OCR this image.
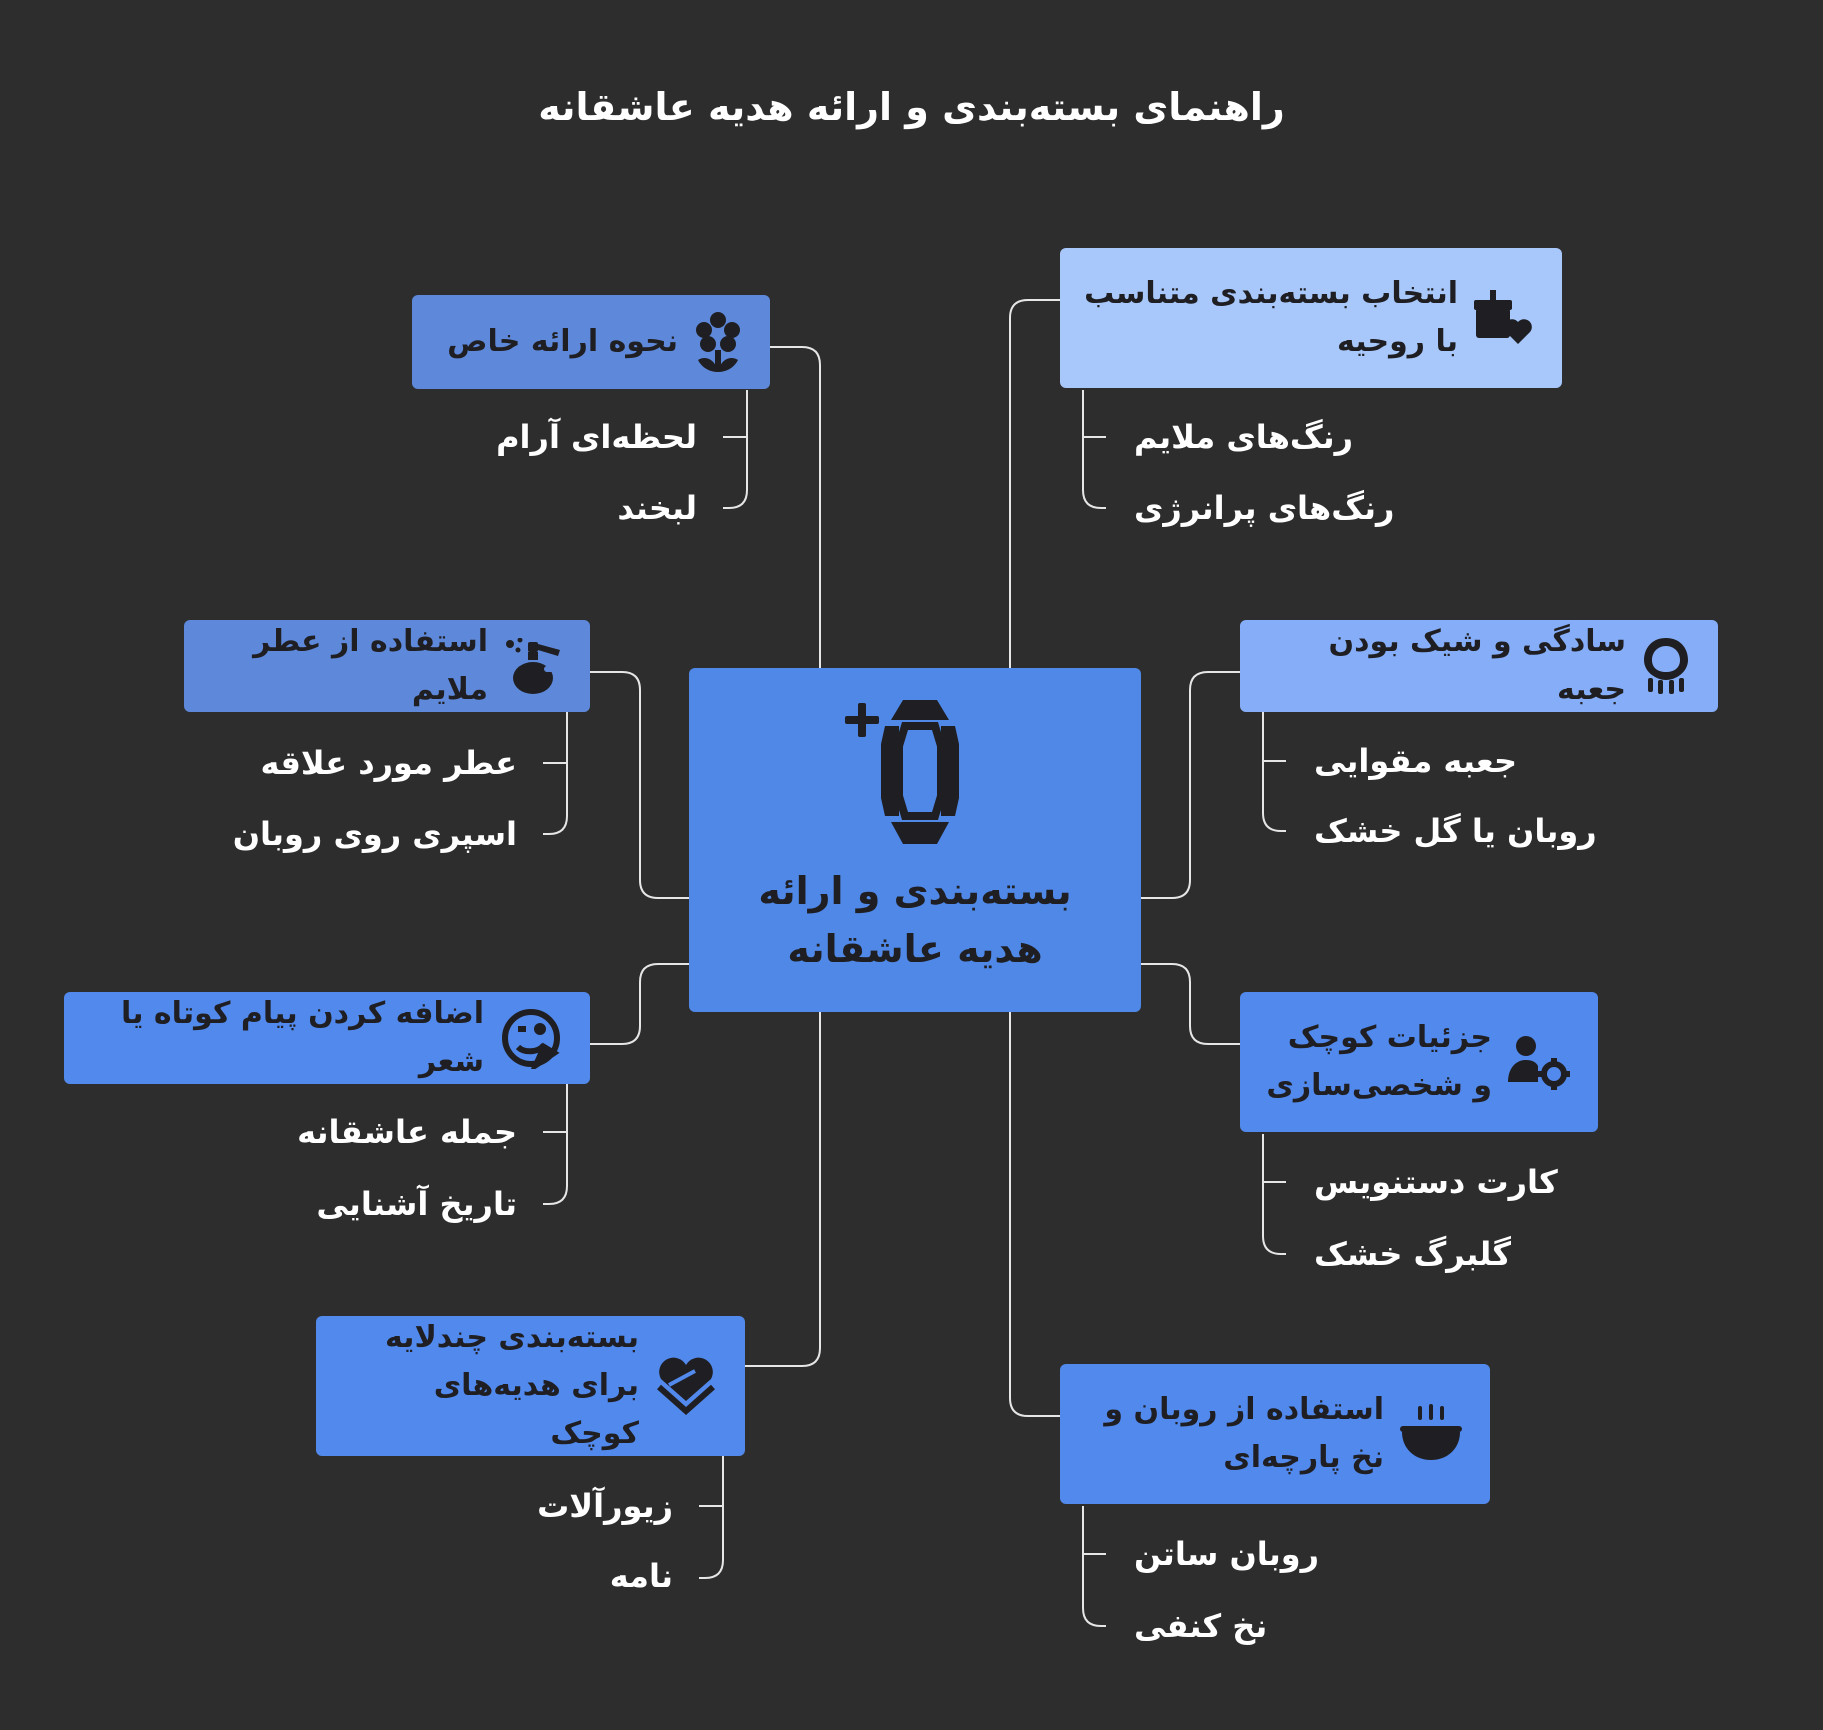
راهنمای بسته‌بندی و ارائه هدیه عاشقانه
بسته‌بندی و ارائه هدیه عاشقانه
انتخاب بسته‌بندی متناسب با روحیه
سادگی و شیک بودن جعبه
جزئیات کوچک و شخصی‌سازی
استفاده از روبان و نخ پارچه‌ای
نحوه ارائه خاص
استفاده از عطر ملایم
اضافه کردن پیام کوتاه یا شعر
بسته‌بندی چندلایه برای هدیه‌های کوچک
رنگ‌های ملایم
رنگ‌های پرانرژی
جعبه مقوایی
روبان یا گل خشک
کارت دستنویس
گلبرگ خشک
روبان ساتن
نخ کنفی
لحظه‌ای آرام
لبخند
عطر مورد علاقه
اسپری روی روبان
جمله عاشقانه
تاریخ آشنایی
زیورآلات
نامه
